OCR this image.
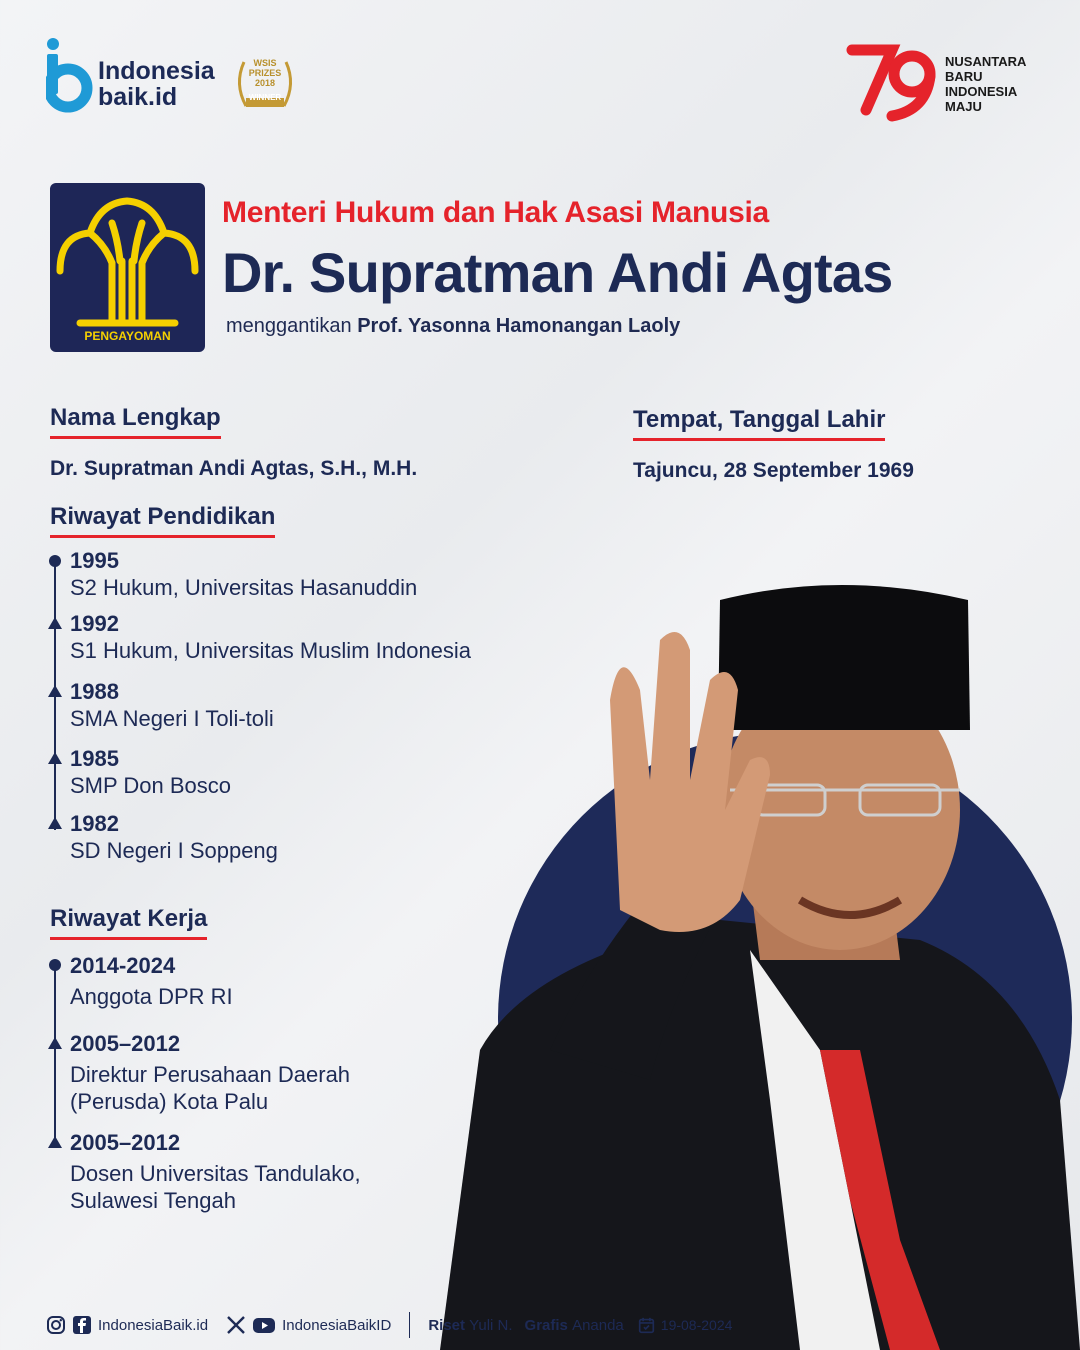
Indonesia
baik.id
WSIS
PRIZES
2018
WINNER
NUSANTARA
BARU
INDONESIA
MAJU
PENGAYOMAN
Menteri Hukum dan Hak Asasi Manusia
Dr. Supratman Andi Agtas
menggantikan Prof. Yasonna Hamonangan Laoly
Nama Lengkap
Dr. Supratman Andi Agtas, S.H., M.H.
Tempat, Tanggal Lahir
Tajuncu, 28 September 1969
Riwayat Pendidikan
1995
S2 Hukum, Universitas Hasanuddin
1992
S1 Hukum, Universitas Muslim Indonesia
1988
SMA Negeri I Toli-toli
1985
SMP Don Bosco
1982
SD Negeri I Soppeng
Riwayat Kerja
2014-2024
Anggota DPR RI
2005–2012
Direktur Perusahaan Daerah
(Perusda) Kota Palu
2005–2012
Dosen Universitas Tandulako,
Sulawesi Tengah
IndonesiaBaik.id	IndonesiaBaikID Riset
Yuli N. Grafis
Ananda	19-08-2024
